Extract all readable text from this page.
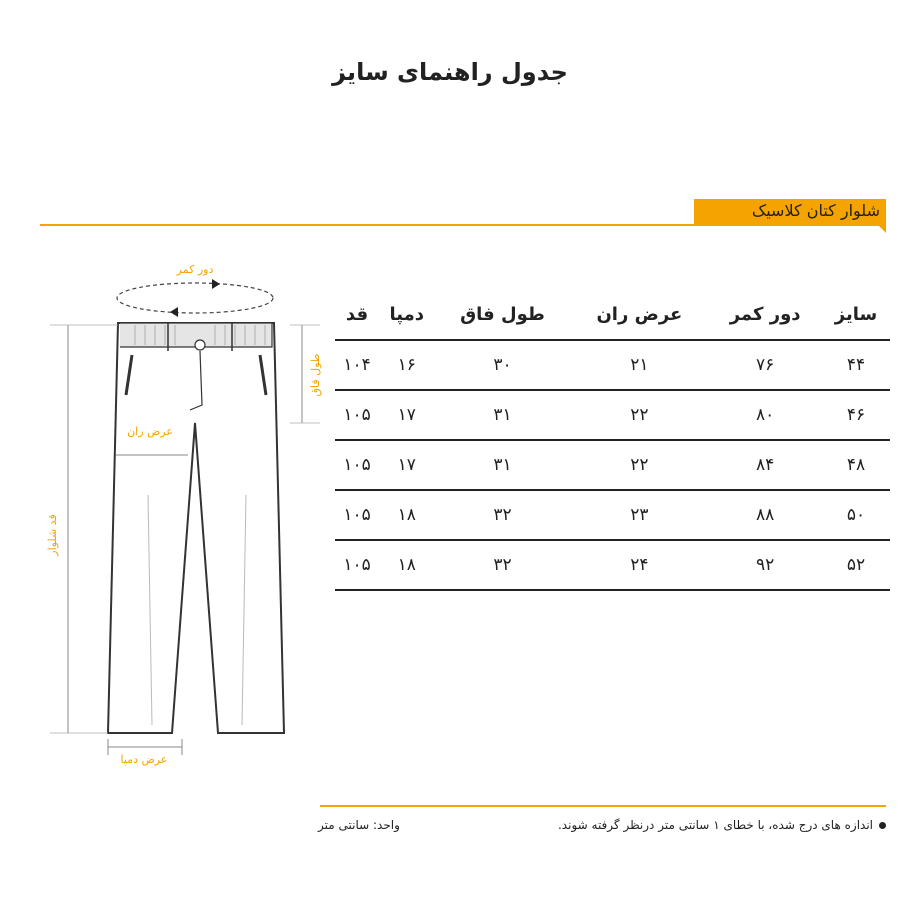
جدول راهنمای سایز
شلوار کتان کلاسیک
دور کمر
طول فاق
عرض ران
قد شلوار
عرض دمپا
سایز	دور کمر	عرض ران	طول فاق	دمپا	قد
۴۴	۷۶	۲۱	۳۰	۱۶	۱۰۴
۴۶	۸۰	۲۲	۳۱	۱۷	۱۰۵
۴۸	۸۴	۲۲	۳۱	۱۷	۱۰۵
۵۰	۸۸	۲۳	۳۲	۱۸	۱۰۵
۵۲	۹۲	۲۴	۳۲	۱۸	۱۰۵
اندازه های درج شده، با خطای ۱ سانتی متر درنظر گرفته شوند.
واحد: سانتی متر
